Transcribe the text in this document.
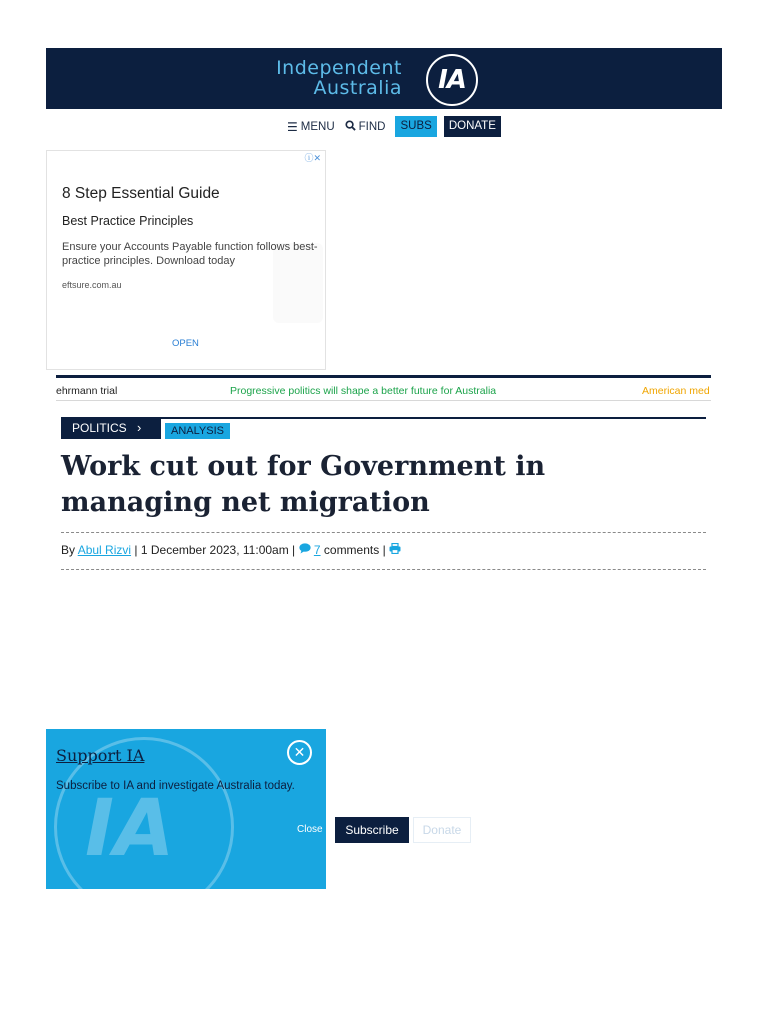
Independent
Australia	IA
☰ MENU FIND	SUBS	DONATE
ⓘ✕
8 Step Essential Guide
Best Practice Principles
Ensure your Accounts Payable function follows best-practice principles. Download today
eftsure.com.au
OPEN
ehrmann trial	Progressive politics will shape a better future for Australia	American med
POLITICS ›	ANALYSIS
Work cut out for Government in managing net migration
By Abul Rizvi | 1 December 2023, 11:00am | 7 comments |
IA
Support IA	✕
Subscribe to IA and investigate Australia today.
Close	Subscribe	Donate
